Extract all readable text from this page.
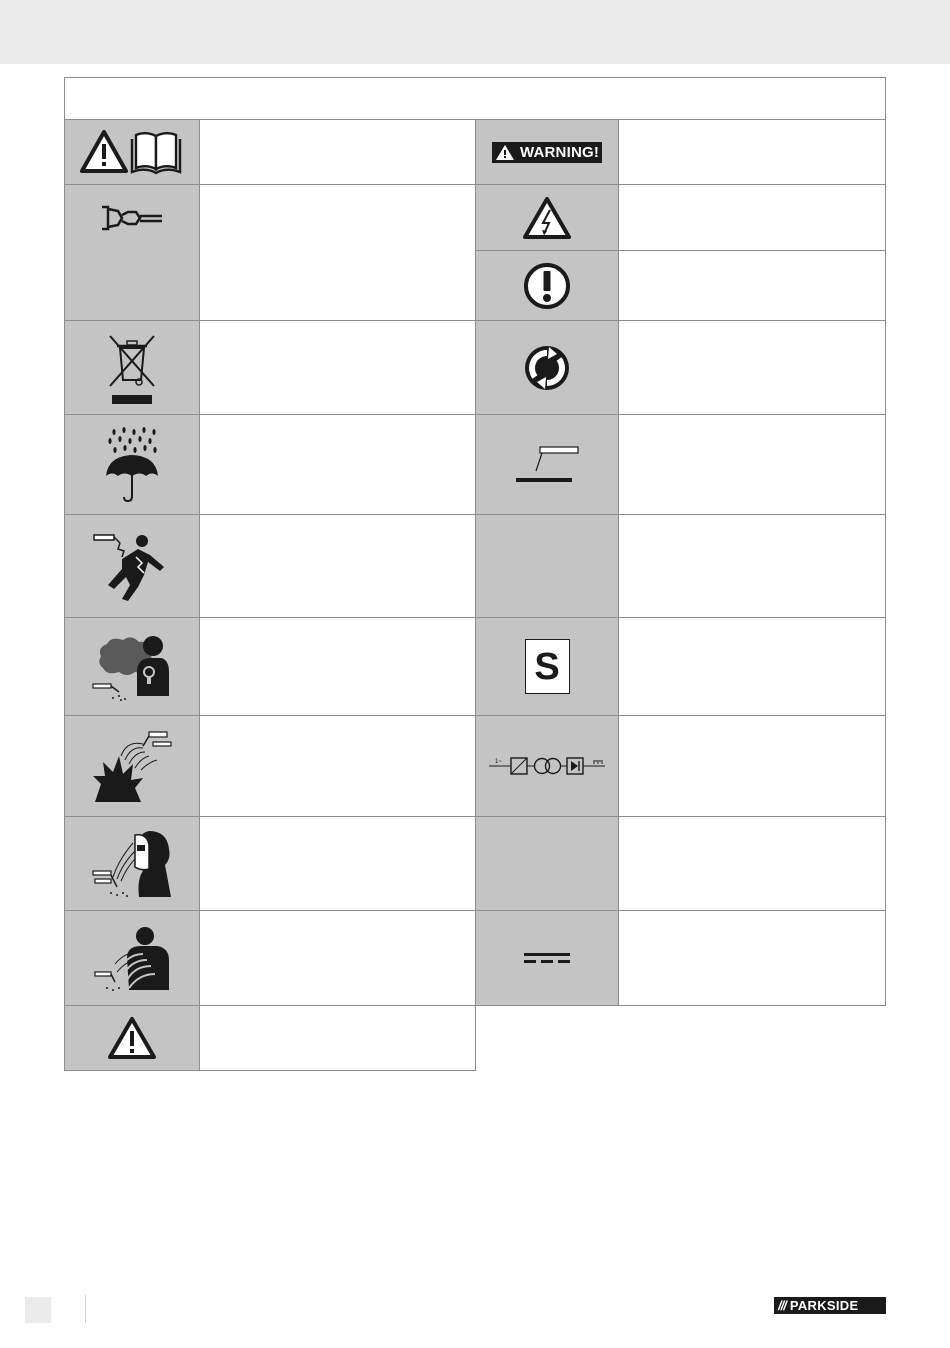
WARNING!
S
1~
/// PARKSIDE
